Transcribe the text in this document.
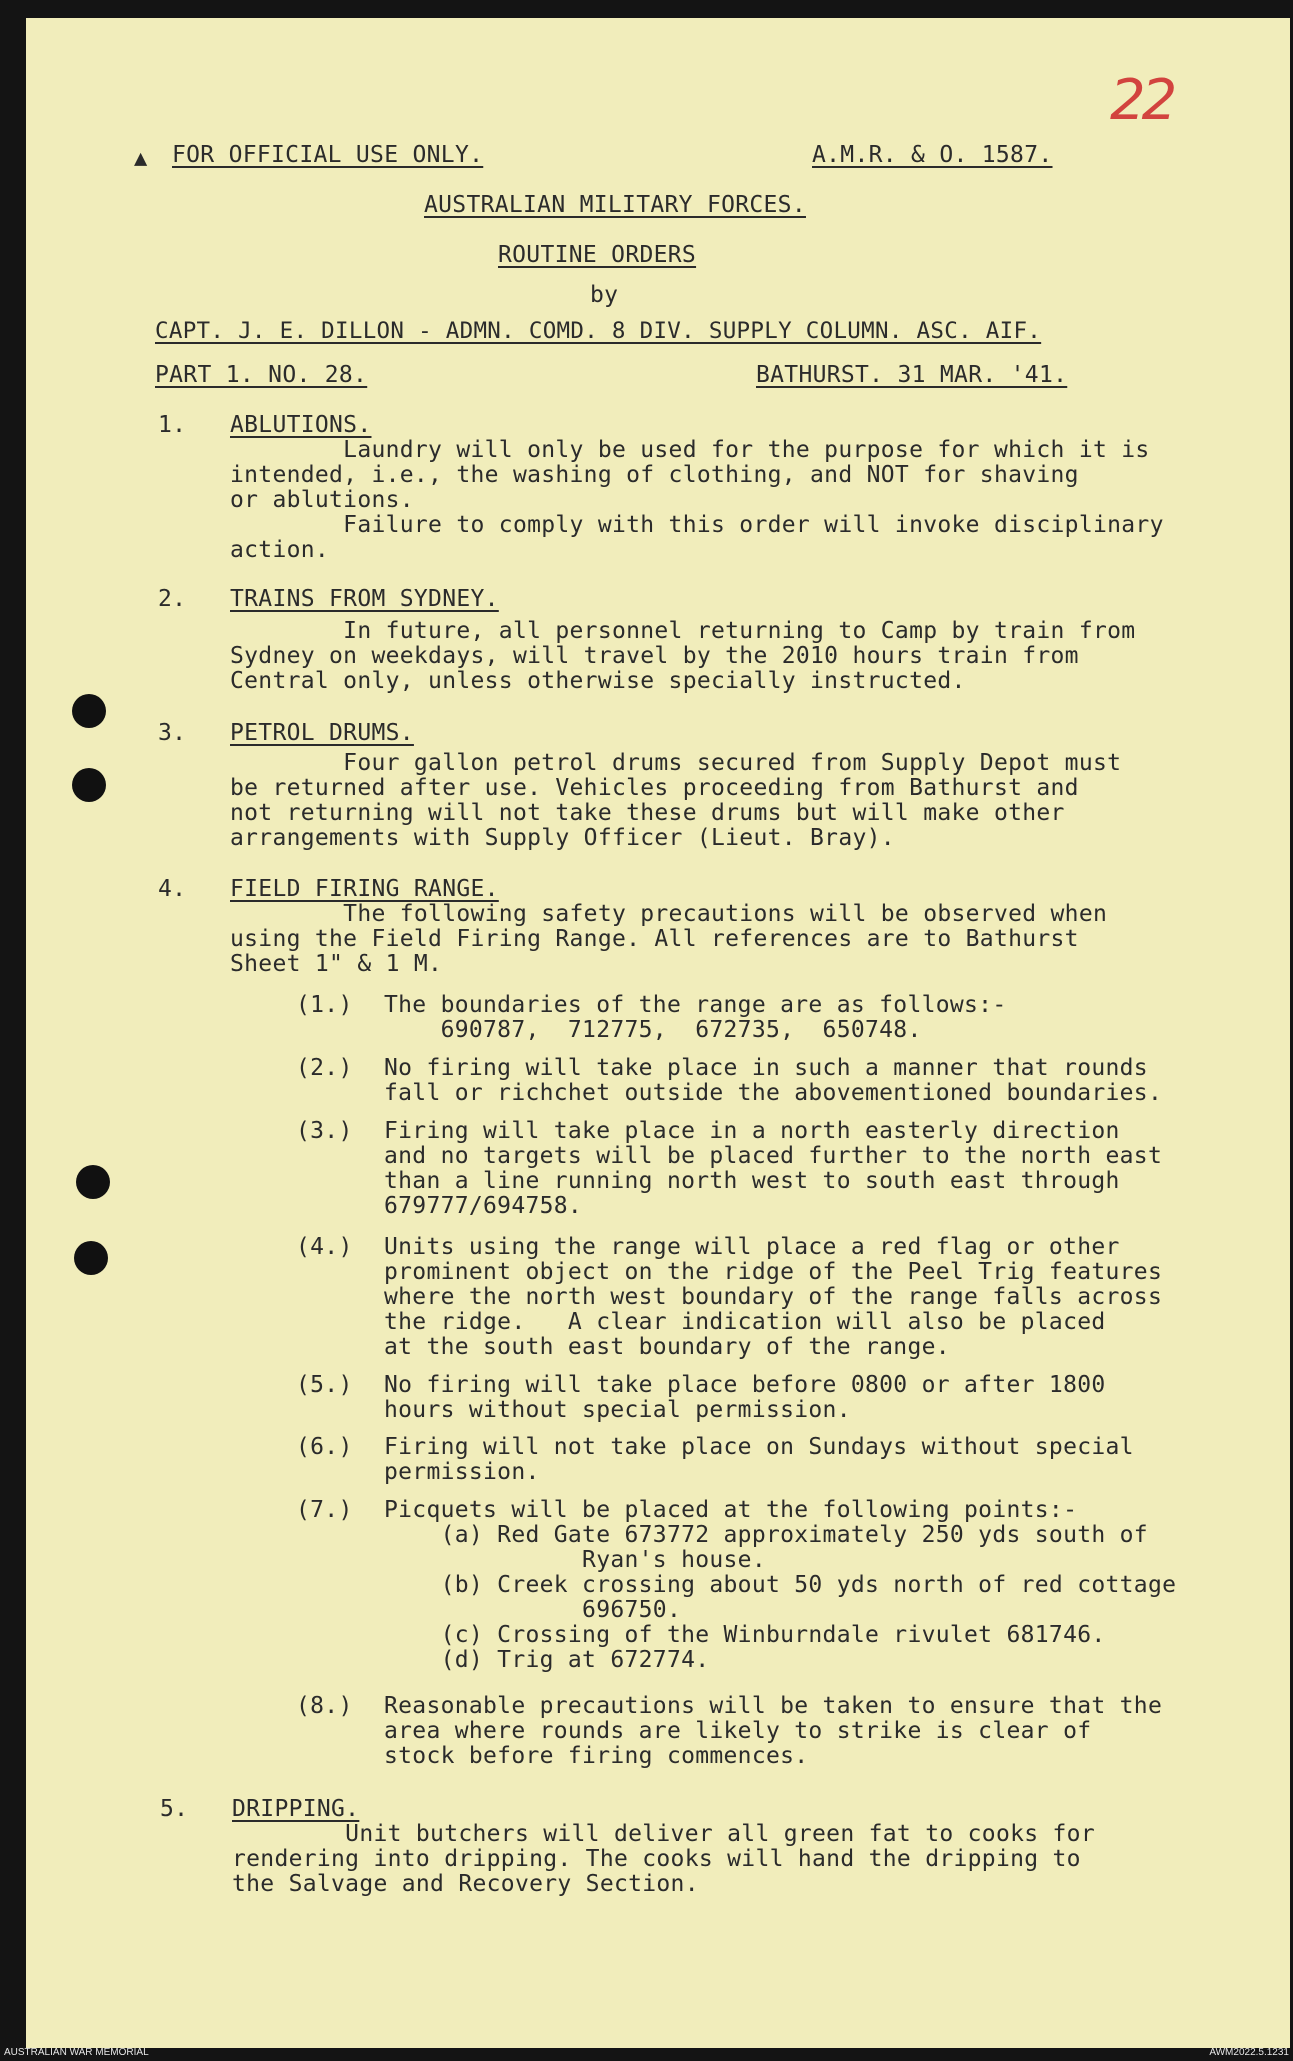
22
▲ FOR OFFICIAL USE ONLY.	A.M.R. & O. 1587.
AUSTRALIAN MILITARY FORCES.
ROUTINE ORDERS
by
CAPT. J. E. DILLON - ADMN. COMD. 8 DIV. SUPPLY COLUMN. ASC. AIF.
PART 1. NO. 28.	BATHURST. 31 MAR. '41.
1. ABLUTIONS.
Laundry will only be used for the purpose for which it is
intended, i.e., the washing of clothing, and NOT for shaving
or ablutions.
Failure to comply with this order will invoke disciplinary
action.
2. TRAINS FROM SYDNEY.
In future, all personnel returning to Camp by train from
Sydney on weekdays, will travel by the 2010 hours train from
Central only, unless otherwise specially instructed.
3. PETROL DRUMS.
Four gallon petrol drums secured from Supply Depot must
be returned after use. Vehicles proceeding from Bathurst and
not returning will not take these drums but will make other
arrangements with Supply Officer (Lieut. Bray).
4. FIELD FIRING RANGE.
The following safety precautions will be observed when
using the Field Firing Range. All references are to Bathurst
Sheet 1" & 1 M.
(1.) The boundaries of the range are as follows:-
690787,  712775,  672735,  650748.
(2.) No firing will take place in such a manner that rounds
fall or richchet outside the abovementioned boundaries.
(3.) Firing will take place in a north easterly direction
and no targets will be placed further to the north east
than a line running north west to south east through
679777/694758.
(4.) Units using the range will place a red flag or other
prominent object on the ridge of the Peel Trig features
where the north west boundary of the range falls across
the ridge.   A clear indication will also be placed
at the south east boundary of the range.
(5.) No firing will take place before 0800 or after 1800
hours without special permission.
(6.) Firing will not take place on Sundays without special
permission.
(7.) Picquets will be placed at the following points:-
(a) Red Gate 673772 approximately 250 yds south of
Ryan's house.
(b) Creek crossing about 50 yds north of red cottage
696750.
(c) Crossing of the Winburndale rivulet 681746.
(d) Trig at 672774.
(8.) Reasonable precautions will be taken to ensure that the
area where rounds are likely to strike is clear of
stock before firing commences.
5. DRIPPING.
Unit butchers will deliver all green fat to cooks for
rendering into dripping. The cooks will hand the dripping to
the Salvage and Recovery Section.
AUSTRALIAN WAR MEMORIAL	AWM2022.5.1231
